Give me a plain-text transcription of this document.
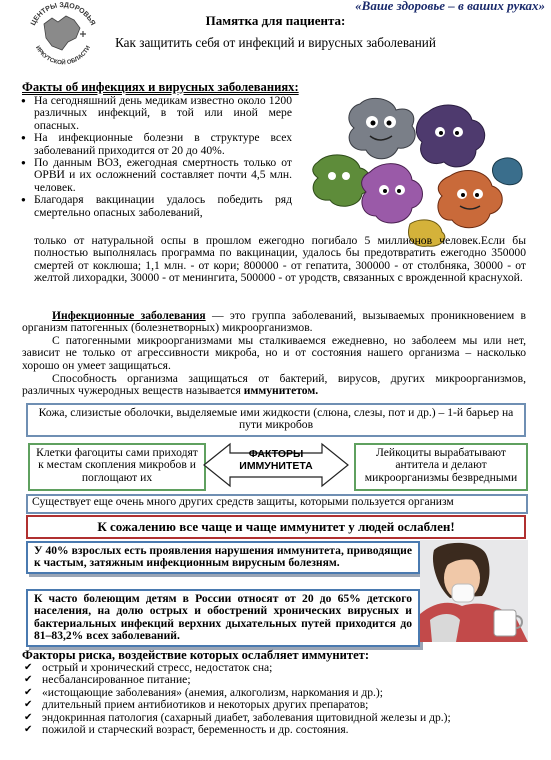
ЦЕНТРЫ ЗДОРОВЬЯ
ИРКУТСКОЙ ОБЛАСТИ
«Ваше здоровье – в ваших руках»
Памятка для пациента:
Как защитить себя от инфекций и вирусных заболеваний
Факты об инфекциях и вирусных заболеваниях:
● На сегодняшний день медикам известно около 1200 различных инфекций, в той или иной мере опасных.
● На инфекционные болезни в структуре всех заболеваний приходится от 20 до 40%.
● По данным ВОЗ, ежегодная смертность только от ОРВИ и их осложнений составляет почти 4,5 млн. человек.
● Благодаря вакцинации удалось победить ряд смертельно опасных заболеваний,
только от натуральной оспы в прошлом ежегодно погибало 5 миллионов человек.Если бы полностью выполнялась программа по вакцинации, удалось бы предотвратить ежегодно 350000 смертей от коклюша; 1,1 млн. - от кори; 800000 - от гепатита, 300000 - от столбняка, 30000 - от желтой лихорадки, 30000 - от менингита, 500000 - от уродств, связанных с врожденной краснухой.
Инфекционные заболевания — это группа заболеваний, вызываемых проникновением в организм патогенных (болезнетворных) микроорганизмов.
С патогенными микроорганизмами мы сталкиваемся ежедневно, но заболеем мы или нет, зависит не только от агрессивности микроба, но и от состояния нашего организма – насколько хорошо он умеет защищаться.
Способность организма защищаться от бактерий, вирусов, других микроорганизмов, различных чужеродных веществ называется иммунитетом.
Кожа, слизистые оболочки, выделяемые ими жидкости (слюна, слезы, пот и др.) – 1-й барьер на пути микробов
Клетки фагоциты сами приходят к местам скопления микробов и поглощают их
ФАКТОРЫ ИММУНИТЕТА
Лейкоциты вырабатывают антитела и делают микроорганизмы безвредными
Существует еще очень много других средств защиты, которыми пользуется организм
К сожалению все чаще и чаще иммунитет у людей ослаблен!
У 40% взрослых есть проявления нарушения иммунитета, приводящие к частым, затяжным инфекционным вирусным болезням.
К часто болеющим детям в России относят от 20 до 65% детского населения, на долю острых и обострений хронических вирусных и бактериальных инфекций верхних дыхательных путей приходится до 81–83,2% всех заболеваний.
Факторы риска, воздействие которых ослабляет иммунитет:
✔ острый и хронический стресс, недостаток сна;
✔ несбалансированное питание;
✔ «истощающие заболевания» (анемия, алкоголизм, наркомания и др.);
✔ длительный прием антибиотиков и некоторых других препаратов;
✔ эндокринная патология (сахарный диабет, заболевания щитовидной железы и др.);
✔ пожилой и старческий возраст, беременность и др. состояния.
